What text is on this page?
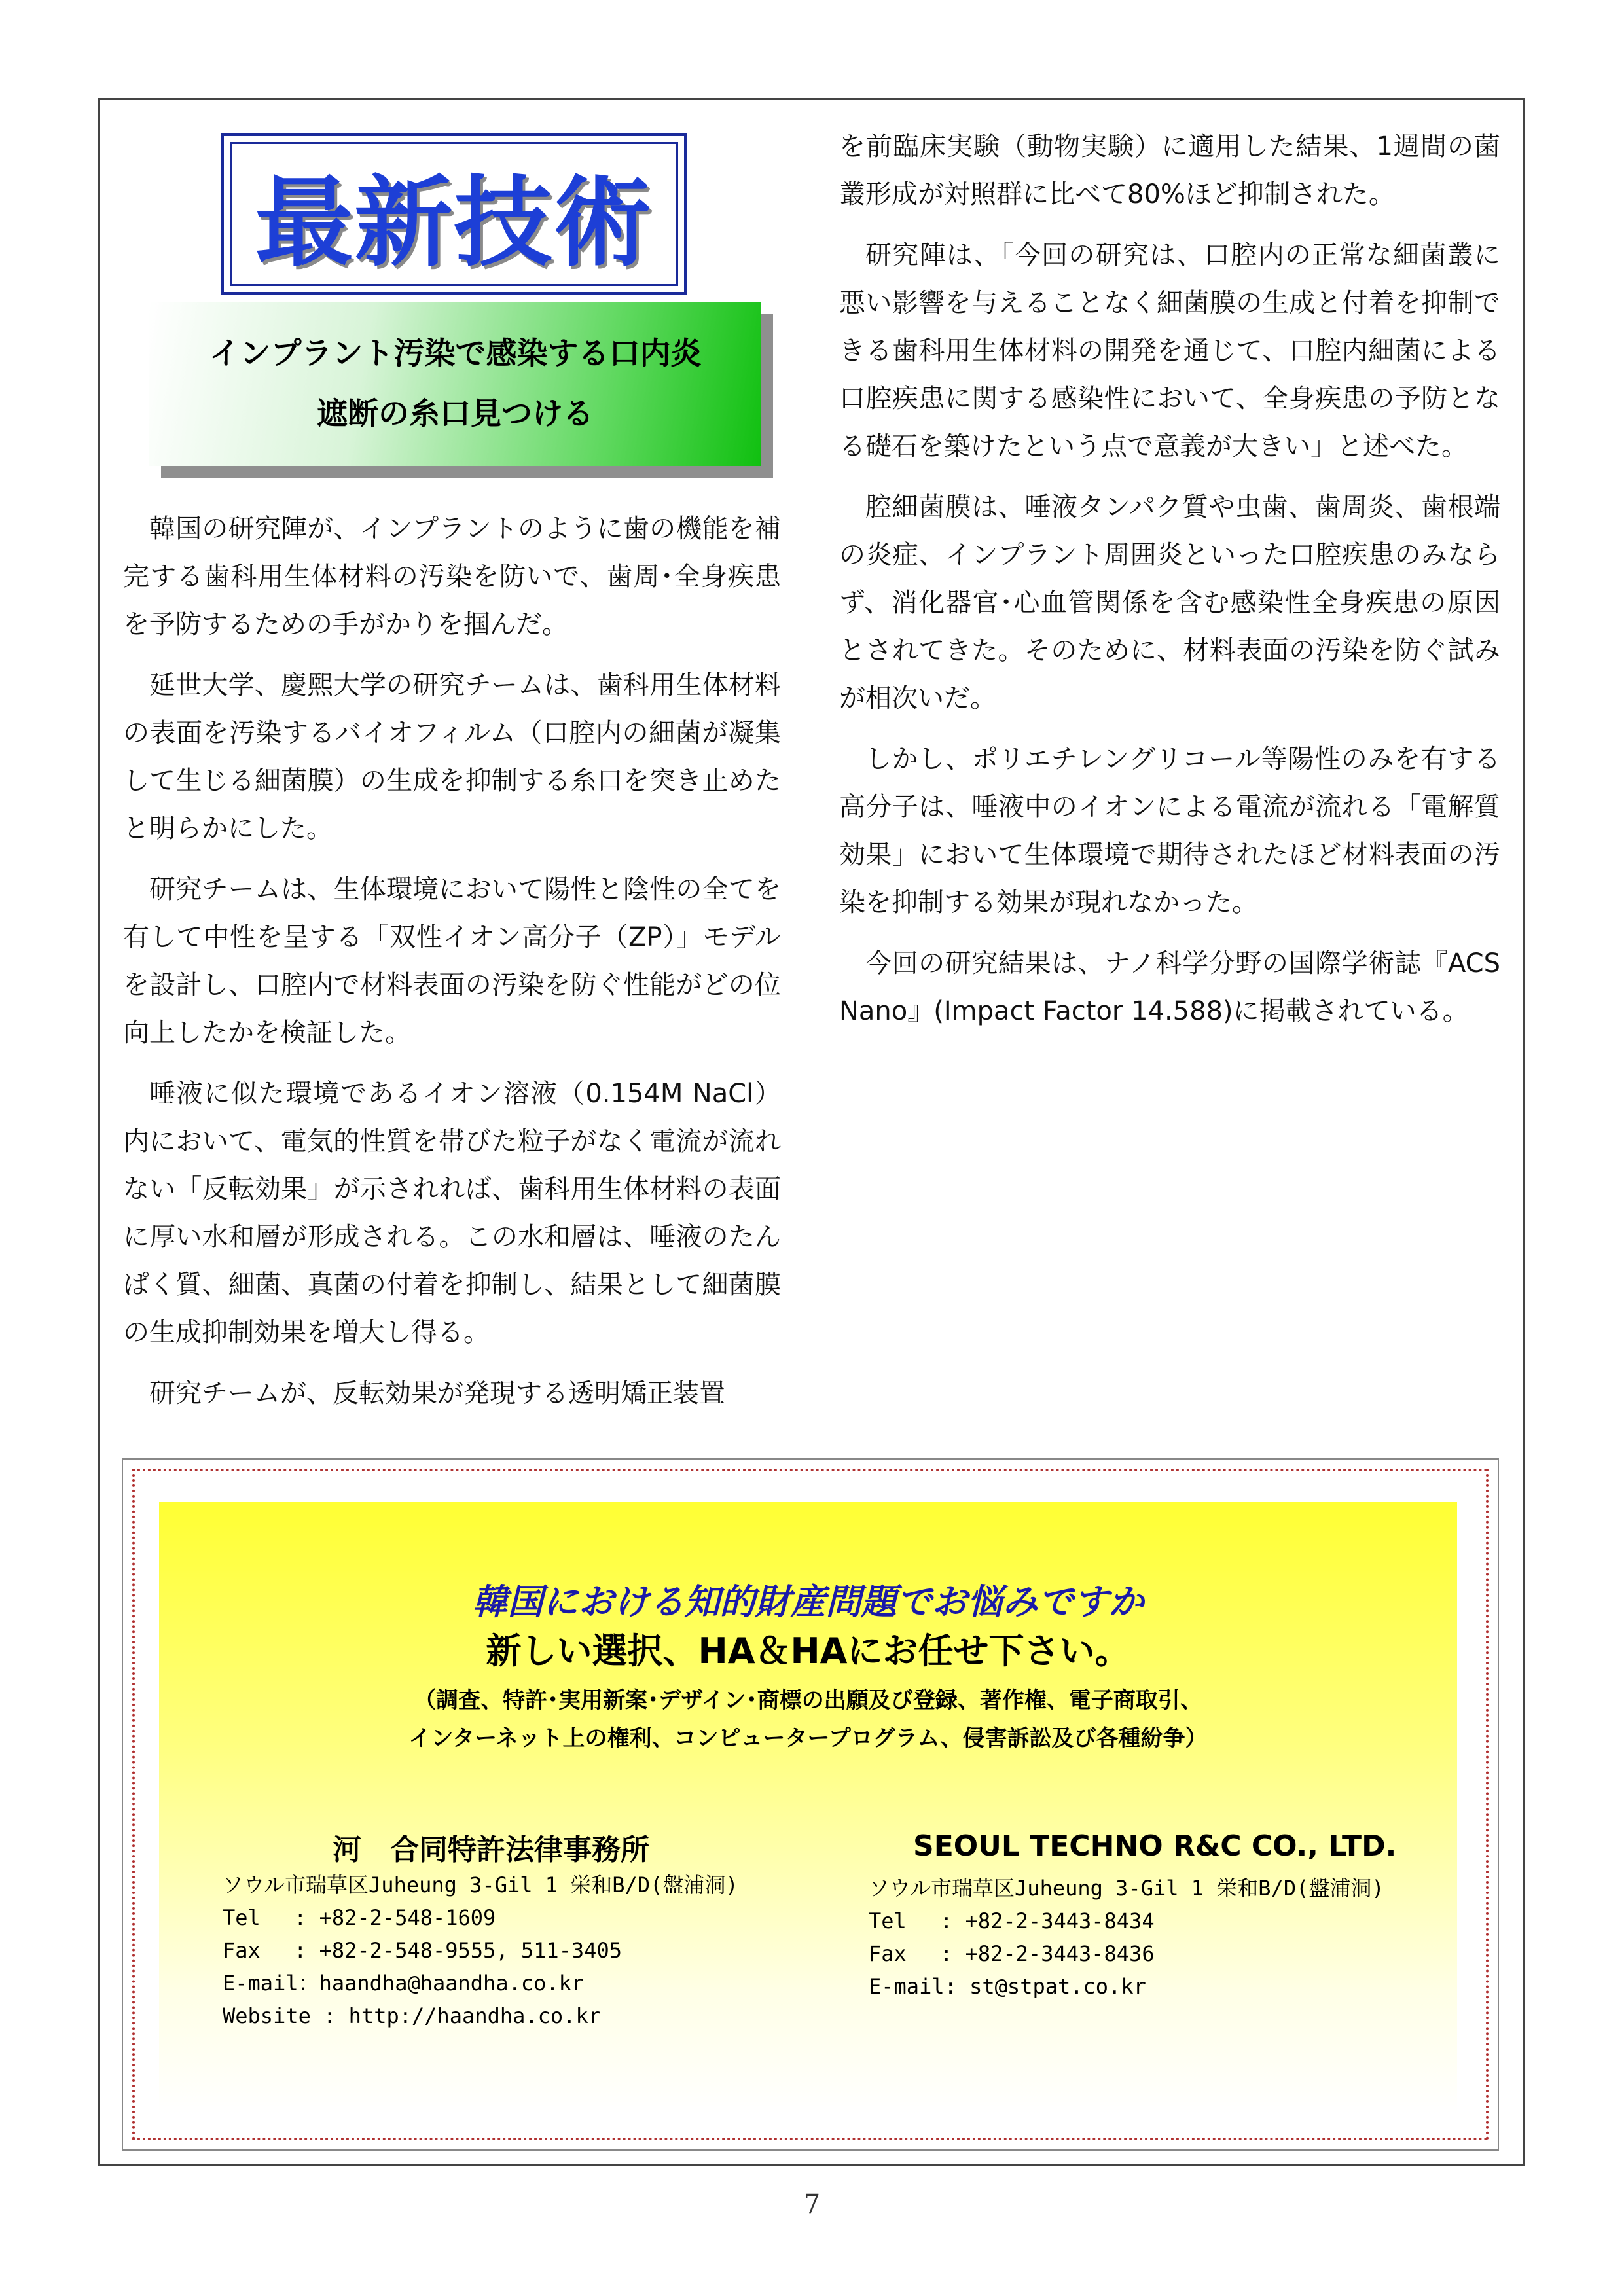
最新技術
インプラント汚染で感染する口内炎
遮断の糸口見つける

韓国の研究陣が、インプラントのように歯の機能を補完する歯科用生体材料の汚染を防いで、歯周･全身疾患を予防するための手がかりを掴んだ。

延世大学、慶煕大学の研究チームは、歯科用生体材料の表面を汚染するバイオフィルム（口腔内の細菌が凝集して生じる細菌膜）の生成を抑制する糸口を突き止めたと明らかにした。

研究チームは、生体環境において陽性と陰性の全てを有して中性を呈する「双性イオン高分子（ZP）」モデルを設計し、口腔内で材料表面の汚染を防ぐ性能がどの位向上したかを検証した。

唾液に似た環境であるイオン溶液（0.154M NaCl）内において、電気的性質を帯びた粒子がなく電流が流れない「反転効果」が示されれば、歯科用生体材料の表面に厚い水和層が形成される。この水和層は、唾液のたんぱく質、細菌、真菌の付着を抑制し、結果として細菌膜の生成抑制効果を増大し得る。

研究チームが、反転効果が発現する透明矯正装置

を前臨床実験（動物実験）に適用した結果、1週間の菌叢形成が対照群に比べて80%ほど抑制された。

研究陣は、「今回の研究は、口腔内の正常な細菌叢に悪い影響を与えることなく細菌膜の生成と付着を抑制できる歯科用生体材料の開発を通じて、口腔内細菌による口腔疾患に関する感染性において、全身疾患の予防となる礎石を築けたという点で意義が大きい」と述べた。

腔細菌膜は、唾液タンパク質や虫歯、歯周炎、歯根端の炎症、インプラント周囲炎といった口腔疾患のみならず、消化器官･心血管関係を含む感染性全身疾患の原因とされてきた。そのために、材料表面の汚染を防ぐ試みが相次いだ。

しかし、ポリエチレングリコール等陽性のみを有する高分子は、唾液中のイオンによる電流が流れる「電解質効果」において生体環境で期待されたほど材料表面の汚染を抑制する効果が現れなかった。

今回の研究結果は、ナノ科学分野の国際学術誌『ACS Nano』(Impact Factor 14.588)に掲載されている。

韓国における知的財産問題でお悩みですか
新しい選択、HA＆HAにお任せ下さい。
（調査、特許･実用新案･デザイン･商標の出願及び登録、著作権、電子商取引、
インターネット上の権利、コンピュータープログラム、侵害訴訟及び各種紛争）
河　合同特許法律事務所
ソウル市瑞草区Juheung 3-Gil 1 栄和B/D(盤浦洞)
Tel　 : +82-2-548-1609
Fax　 : +82-2-548-9555, 511-3405
E-mail：haandha@haandha.co.kr
Website : http://haandha.co.kr
SEOUL TECHNO R&C CO., LTD.
ソウル市瑞草区Juheung 3-Gil 1 栄和B/D(盤浦洞)
Tel　 : +82-2-3443-8434
Fax　 : +82-2-3443-8436
E-mail: st@stpat.co.kr
7
